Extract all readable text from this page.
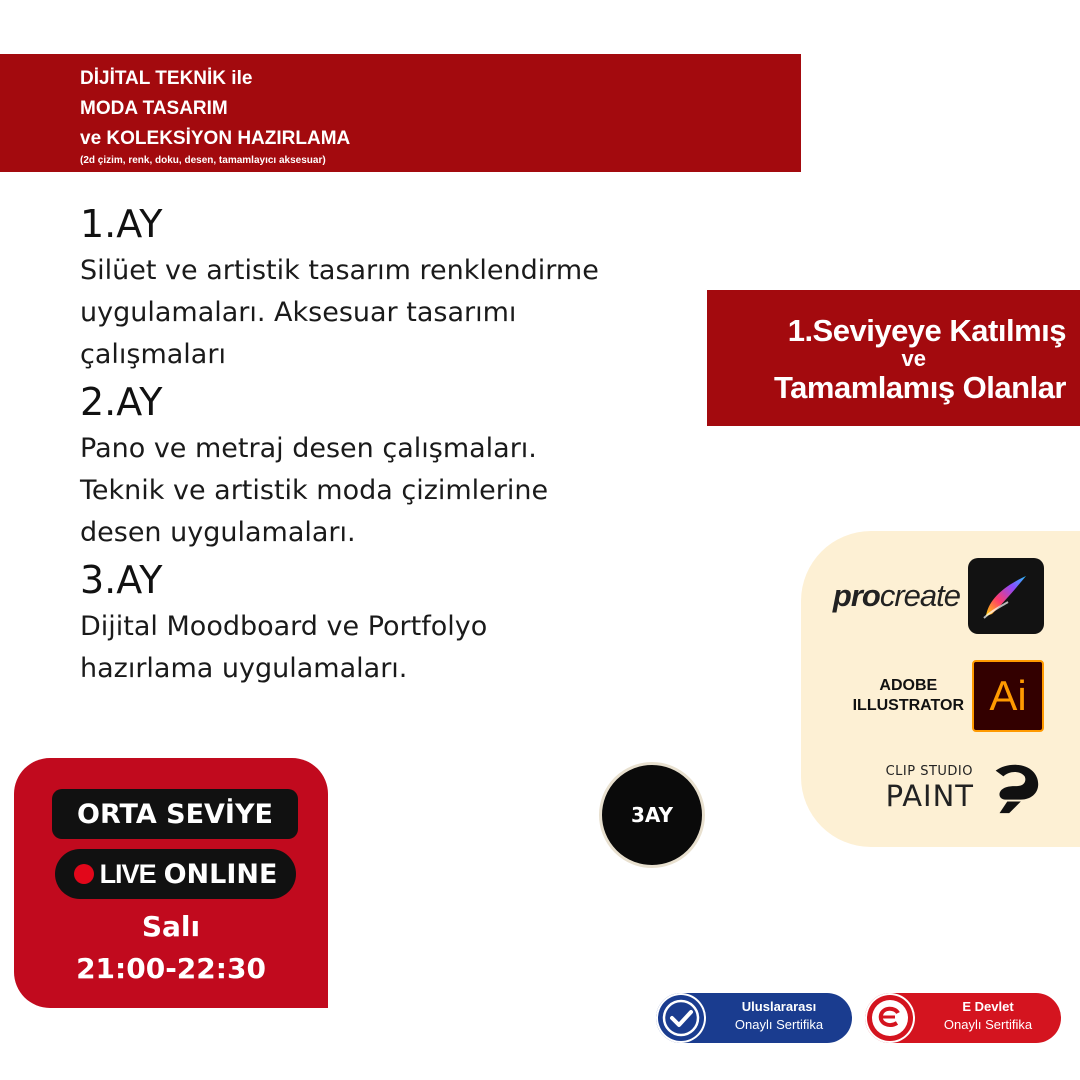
DİJİTAL TEKNİK ile
MODA TASARIM
ve KOLEKSİYON HAZIRLAMA
(2d çizim, renk, doku, desen, tamamlayıcı aksesuar)
1.AY
Silüet ve artistik tasarım renklendirme
uygulamaları. Aksesuar tasarımı
çalışmaları
2.AY
Pano ve metraj desen çalışmaları.
Teknik ve artistik moda çizimlerine
desen uygulamaları.
3.AY
Dijital Moodboard ve Portfolyo
hazırlama uygulamaları.
1.Seviyeye Katılmış
ve
Tamamlamış Olanlar
procreate
ADOBE
ILLUSTRATOR Ai
CLIP STUDIO
PAINT
ORTA SEVİYE
LIVE ONLINE
Salı
21:00-22:30
3AY
Uluslararası
Onaylı Sertifika
E Devlet
Onaylı Sertifika
